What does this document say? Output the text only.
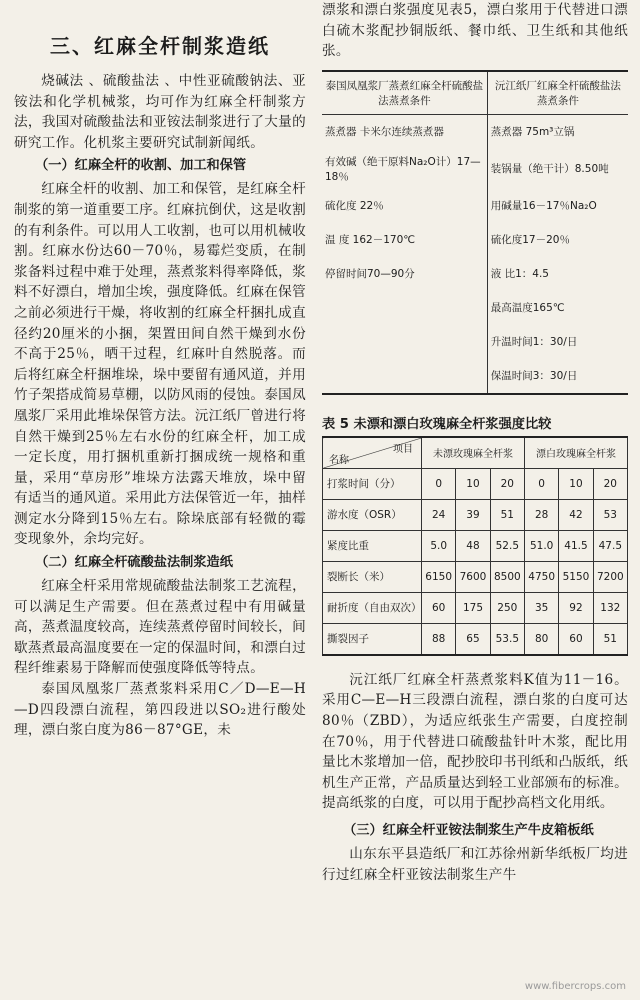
三、红麻全杆制浆造纸

烧碱法 、硫酸盐法 、中性亚硫酸钠法、亚铵法和化学机械浆，均可作为红麻全杆制浆方法，我国对硫酸盐法和亚铵法制浆进行了大量的研究工作。化机浆主要研究试制新闻纸。

（一）红麻全杆的收割、加工和保管

红麻全杆的收割、加工和保管，是红麻全杆制浆的第一道重要工序。红麻抗倒伏，这是收割的有利条件。可以用人工收割，也可以用机械收割。红麻水份达60－70％，易霉烂变质，在制浆备料过程中难于处理，蒸煮浆料得率降低，浆料不好漂白，增加尘埃，强度降低。红麻在保管之前必须进行干燥，将收割的红麻全杆捆扎成直径约20厘米的小捆，架置田间自然干燥到水份不高于25％，晒干过程，红麻叶自然脱落。而后将红麻全杆捆堆垛，垛中要留有通风道，并用竹子架搭成简易草棚，以防风雨的侵蚀。泰国凤凰浆厂采用此堆垛保管方法。沅江纸厂曾进行将自然干燥到25％左右水份的红麻全杆，加工成一定长度，用打捆机重新打捆成统一规格和重量，采用“草房形”堆垛方法露天堆放，垛中留有适当的通风道。采用此方法保管近一年，抽样测定水分降到15％左右。除垛底部有轻微的霉变现象外，余均完好。

（二）红麻全杆硫酸盐法制浆造纸

红麻全杆采用常规硫酸盐法制浆工艺流程，可以满足生产需要。但在蒸煮过程中有用碱量高，蒸煮温度较高，连续蒸煮停留时间较长，间歇蒸煮最高温度要在一定的保温时间，和漂白过程纤维素易于降解而使强度降低等特点。

泰国凤凰浆厂蒸煮浆料采用C／D—E—H—D四段漂白流程，第四段进以SO₂进行酸处理，漂白浆白度为86－87°GE，未

漂浆和漂白浆强度见表5，漂白浆用于代替进口漂白硫木浆配抄铜版纸、餐巾纸、卫生纸和其他纸张。

泰国凤凰浆厂蒸煮红麻全杆硫酸盐法蒸煮条件	沅江纸厂红麻全杆硫酸盐法蒸煮条件
蒸煮器 卡米尔连续蒸煮器	蒸煮器 75m³立锅
有效碱（绝干原料Na₂O计）17—18％	装锅量（绝干计）8.50吨
硫化度 22％	用碱量16－17％Na₂O
温 度 162－170℃	硫化度17－20％
停留时间70—90分	液 比1：4.5
	最高温度165℃
	升温时间1：30/日
	保温时间3：30/日
表 5 未漂和漂白玫瑰麻全杆浆强度比较
项目
名称	未漂玫瑰麻全杆浆			漂白玫瑰麻全杆浆		
打浆时间（分）	0	10	20	0	10	20
游水度（OSR）	24	39	51	28	42	53
紧度比重	5.0	48	52.5	51.0	41.5	47.5
裂断长（米）	6150	7600	8500	4750	5150	7200
耐折度（自由双次）	60	175	250	35	92	132
撕裂因子	88	65	53.5	80	60	51

沅江纸厂红麻全杆蒸煮浆料K值为11－16。采用C—E—H三段漂白流程，漂白浆的白度可达80％（ZBD），为适应纸张生产需要，白度控制在70％，用于代替进口硫酸盐针叶木浆，配比用量比木浆增加一倍，配抄胶印书刊纸和凸版纸，纸机生产正常，产品质量达到轻工业部颁布的标准。提高纸浆的白度，可以用于配抄高档文化用纸。

（三）红麻全杆亚铵法制浆生产牛皮箱板纸

山东东平县造纸厂和江苏徐州新华纸板厂均进行过红麻全杆亚铵法制浆生产牛

www.fibercrops.com
